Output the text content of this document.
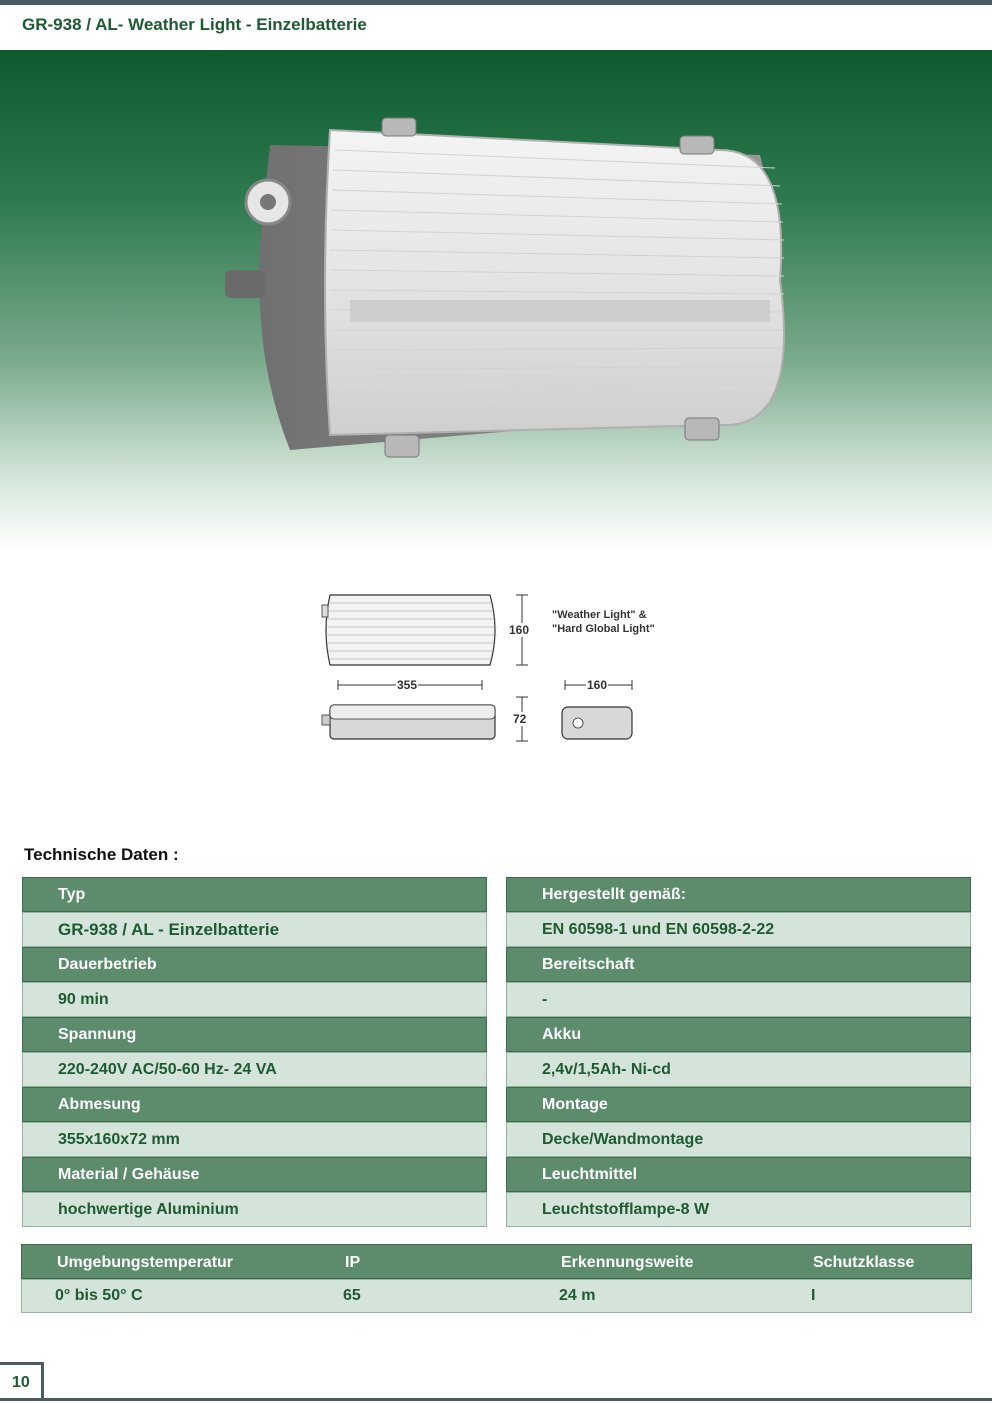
GR-938 / AL- Weather Light - Einzelbatterie
160
355
72
160
"Weather Light" &
"Hard Global Light"
Technische Daten :
Typ
GR-938 / AL - Einzelbatterie
Dauerbetrieb
90 min
Spannung
220-240V AC/50-60 Hz- 24 VA
Abmesung
355x160x72 mm
Material / Gehäuse
hochwertige Aluminium
Hergestellt gemäß:
EN 60598-1 und EN 60598-2-22
Bereitschaft
-
Akku
2,4v/1,5Ah- Ni-cd
Montage
Decke/Wandmontage
Leuchtmittel
Leuchtstofflampe-8 W
Umgebungstemperatur	IP	Erkennungsweite	Schutzklasse
0° bis 50° C	65	24 m	I
10
